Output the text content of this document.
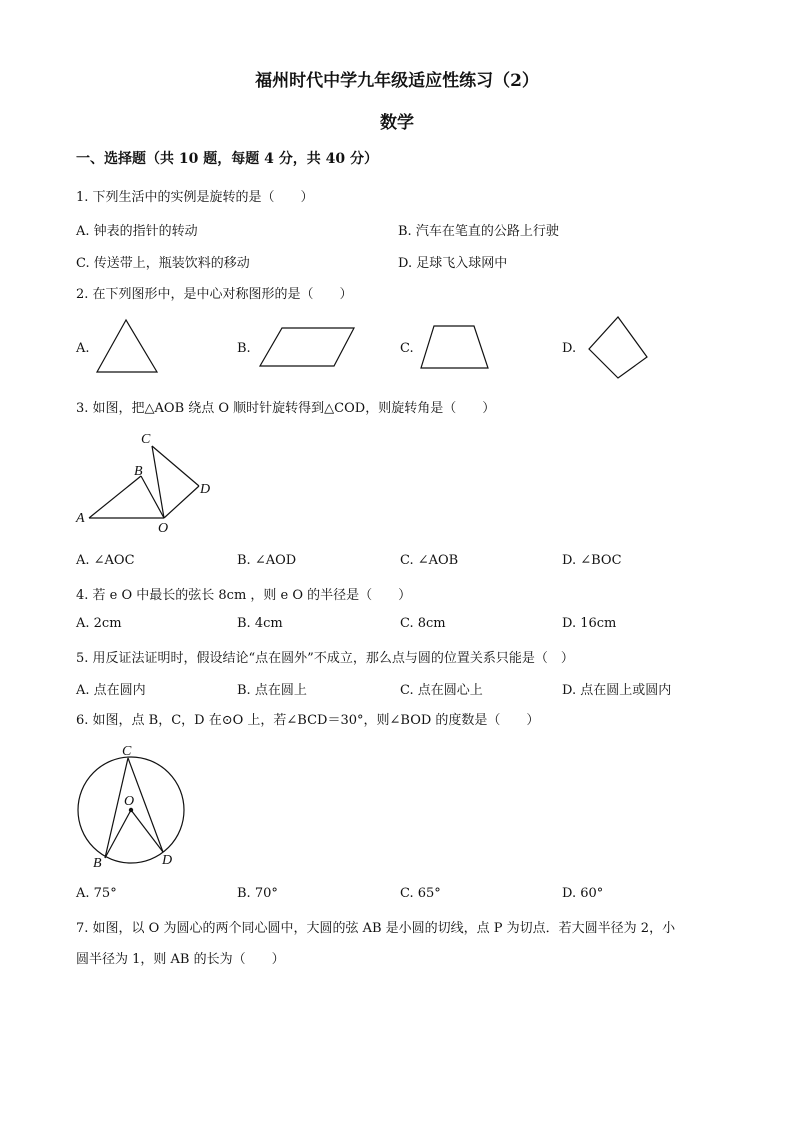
福州时代中学九年级适应性练习（2）
数学
一、选择题（共 10 题，每题 4 分，共 40 分）
1. 下列生活中的实例是旋转的是（　　）
A. 钟表的指针的转动	B. 汽车在笔直的公路上行驶
C. 传送带上，瓶装饮料的移动	D. 足球飞入球网中
2. 在下列图形中，是中心对称图形的是（　　）
A.	B.	C.	D.
3. 如图，把△AOB 绕点 O 顺时针旋转得到△COD，则旋转角是（　　）
C
B
D
A
O
A. ∠AOC	B. ∠AOD	C. ∠AOB	D. ∠BOC
4. 若 e O 中最长的弦长 8cm ，则 e O 的半径是（　　）
A. 2cm	B. 4cm	C. 8cm	D. 16cm
5. 用反证法证明时，假设结论“点在圆外”不成立，那么点与圆的位置关系只能是（　）
A. 点在圆内	B. 点在圆上	C. 点在圆心上	D. 点在圆上或圆内
6. 如图，点 B，C，D 在⊙O 上，若∠BCD＝30°，则∠BOD 的度数是（　　）
C
O
B	D
A. 75°	B. 70°	C. 65°	D. 60°
7. 如图，以 O 为圆心的两个同心圆中，大圆的弦 AB 是小圆的切线，点 P 为切点．若大圆半径为 2，小
圆半径为 1，则 AB 的长为（　　）
